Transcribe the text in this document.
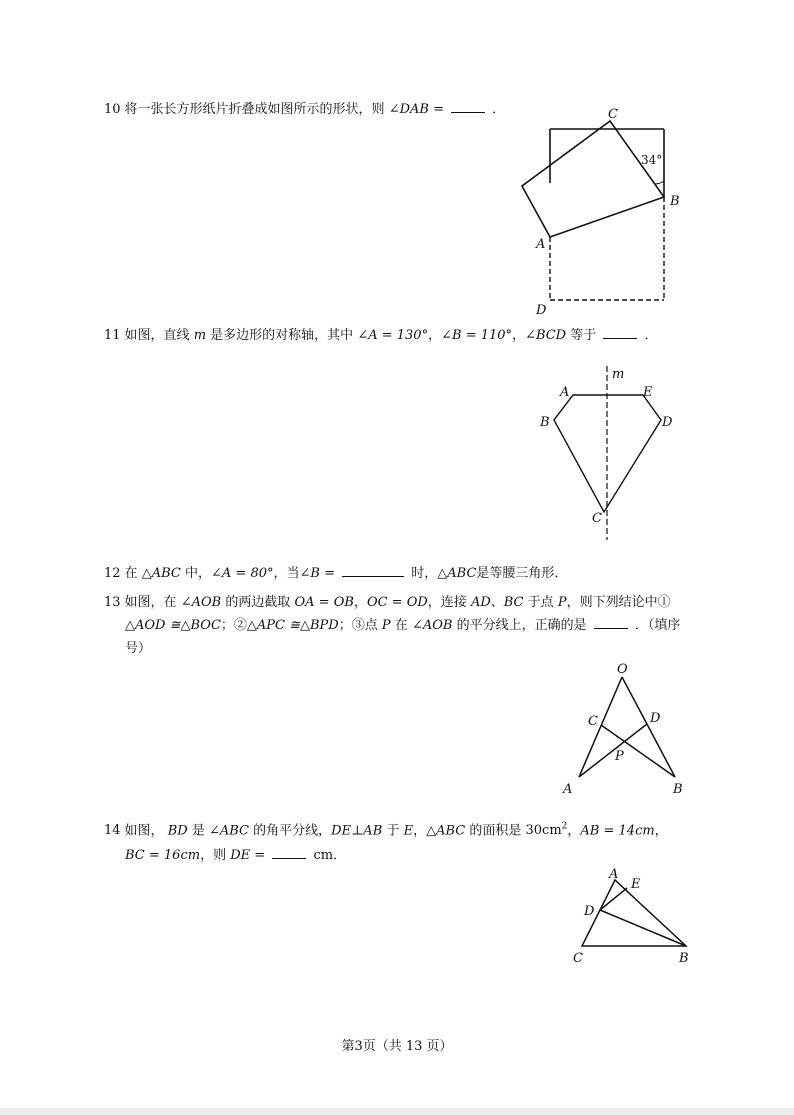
10 将一张长方形纸片折叠成如图所示的形状，则 ∠DAB =	．	C
B
A
D
34°
11 如图，直线 m 是多边形的对称轴，其中 ∠A = 130°，∠B = 110°，∠BCD 等于	．
m
A	E
B	D
C
12 在 △ABC 中，∠A = 80°，当∠B =	时，△ABC是等腰三角形．
13 如图，在 ∠AOB 的两边截取 OA = OB，OC = OD，连接 AD、BC 于点 P，则下列结论中①
△AOD ≅△BOC；②△APC ≅△BPD；③点 P 在 ∠AOB 的平分线上，正确的是	．（填序
号）
O
C	D
P
A	B
14 如图， BD 是 ∠ABC 的角平分线，DE⊥AB 于 E，△ABC 的面积是 $30cm^2$，AB = 14cm，
BC = 16cm，则 DE =	cm．
A
E
D
C	B
第3页（共 13 页）
